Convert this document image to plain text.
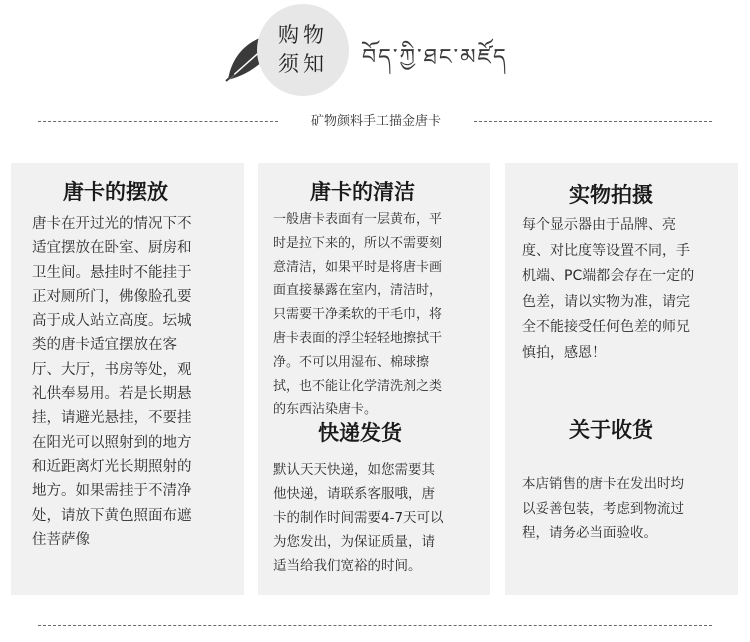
购物
须知	བོད་ཀྱི་ཐང་མཛོད
矿物颜料手工描金唐卡
唐卡的摆放
唐卡在开过光的情况下不
适宜摆放在卧室、厨房和
卫生间。悬挂时不能挂于
正对厕所门，佛像脸孔要
高于成人站立高度。坛城
类的唐卡适宜摆放在客
厅、大厅，书房等处，观
礼供奉易用。若是长期悬
挂，请避光悬挂，不要挂
在阳光可以照射到的地方
和近距离灯光长期照射的
地方。如果需挂于不清净
处，请放下黄色照面布遮
住菩萨像
唐卡的清洁
一般唐卡表面有一层黄布，平
时是拉下来的，所以不需要刻
意清洁，如果平时是将唐卡画
面直接暴露在室内，清洁时，
只需要干净柔软的干毛巾，将
唐卡表面的浮尘轻轻地擦拭干
净。不可以用湿布、棉球擦
拭，也不能让化学清洗剂之类
的东西沾染唐卡。
快递发货
默认天天快递，如您需要其
他快递，请联系客服哦，唐
卡的制作时间需要4-7天可以
为您发出，为保证质量，请
适当给我们宽裕的时间。
实物拍摄
每个显示器由于品牌、亮
度、对比度等设置不同，手
机端、PC端都会存在一定的
色差，请以实物为准，请完
全不能接受任何色差的师兄
慎拍，感恩！
关于收货
本店销售的唐卡在发出时均
以妥善包装，考虑到物流过
程，请务必当面验收。
